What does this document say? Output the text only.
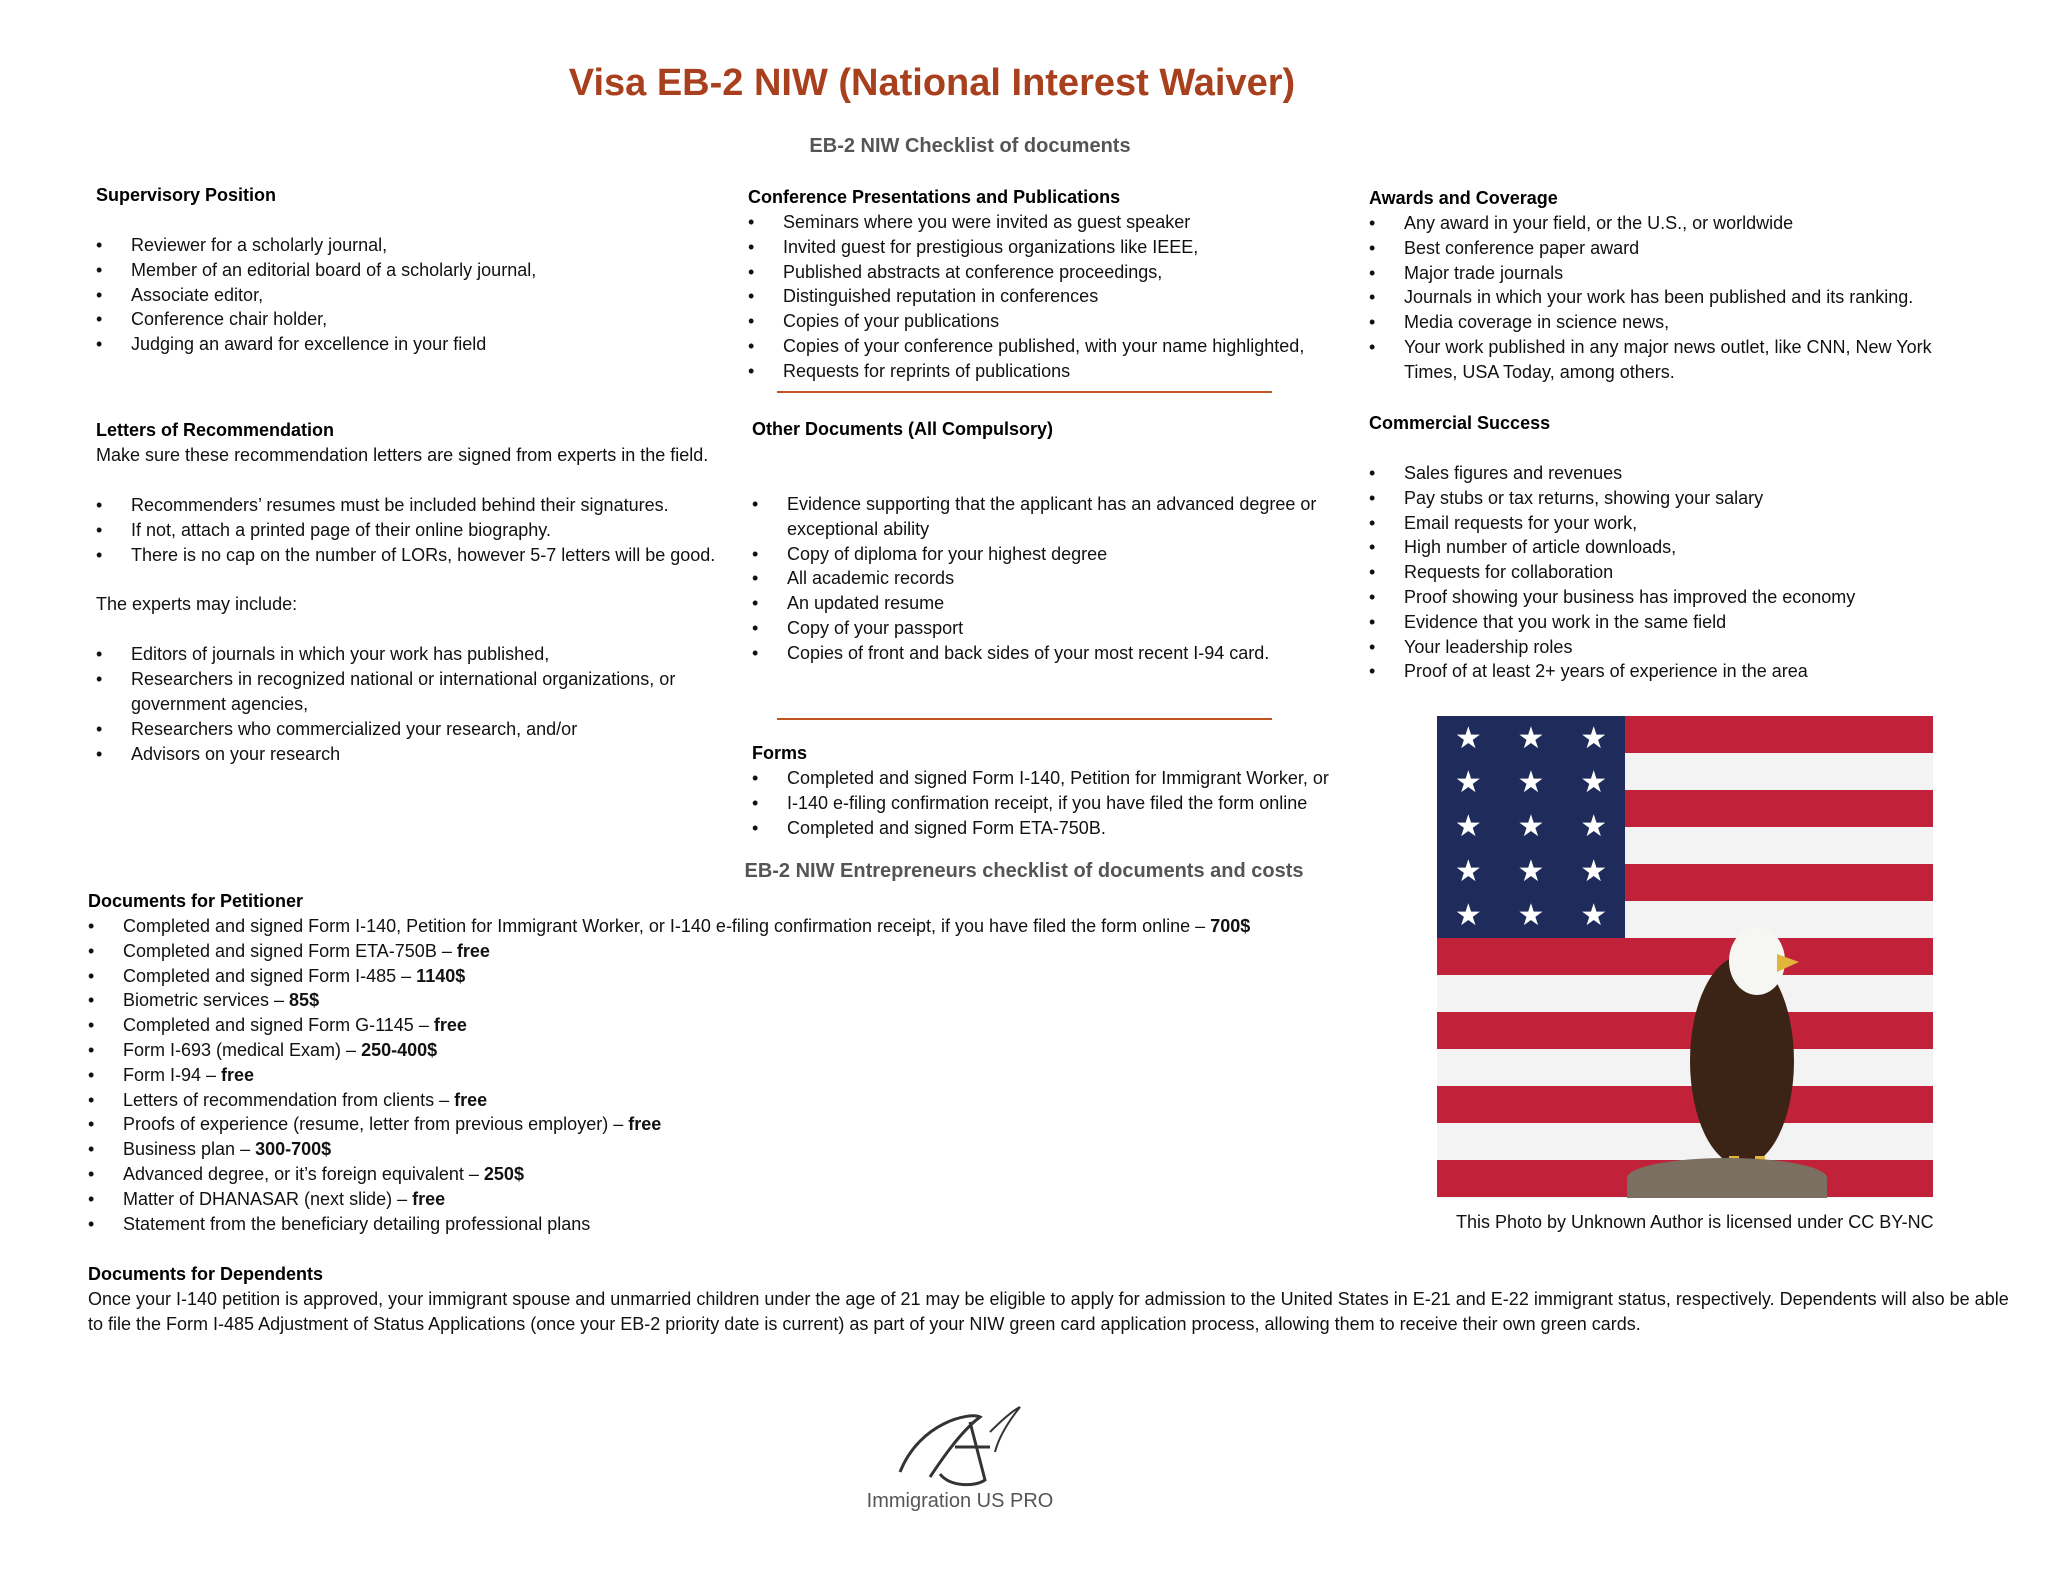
Visa EB-2 NIW (National Interest Waiver)
EB-2 NIW Checklist of documents
Supervisory Position
• Reviewer for a scholarly journal,
• Member of an editorial board of a scholarly journal,
• Associate editor,
• Conference chair holder,
• Judging an award for excellence in your field
Letters of Recommendation
Make sure these recommendation letters are signed from experts in the field.
• Recommenders’ resumes must be included behind their signatures.
• If not, attach a printed page of their online biography.
• There is no cap on the number of LORs, however 5-7 letters will be good.
The experts may include:
• Editors of journals in which your work has published,
• Researchers in recognized national or international organizations, or government agencies,
• Researchers who commercialized your research, and/or
• Advisors on your research
Conference Presentations and Publications
• Seminars where you were invited as guest speaker
• Invited guest for prestigious organizations like IEEE,
• Published abstracts at conference proceedings,
• Distinguished reputation in conferences
• Copies of your publications
• Copies of your conference published, with your name highlighted,
• Requests for reprints of publications
Other Documents (All Compulsory)
• Evidence supporting that the applicant has an advanced degree or exceptional ability
• Copy of diploma for your highest degree
• All academic records
• An updated resume
• Copy of your passport
• Copies of front and back sides of your most recent I-94 card.
Forms
• Completed and signed Form I-140, Petition for Immigrant Worker, or
• I-140 e-filing confirmation receipt, if you have filed the form online
• Completed and signed Form ETA-750B.
Awards and Coverage
• Any award in your field, or the U.S., or worldwide
• Best conference paper award
• Major trade journals
• Journals in which your work has been published and its ranking.
• Media coverage in science news,
• Your work published in any major news outlet, like CNN, New York Times, USA Today, among others.
Commercial Success
• Sales figures and revenues
• Pay stubs or tax returns, showing your salary
• Email requests for your work,
• High number of article downloads,
• Requests for collaboration
• Proof showing your business has improved the economy
• Evidence that you work in the same field
• Your leadership roles
• Proof of at least 2+ years of experience in the area
★ ★ ★
★ ★ ★
★ ★ ★
★ ★ ★
★ ★ ★
This Photo by Unknown Author is licensed under CC BY-NC
EB-2 NIW Entrepreneurs checklist of documents and costs
Documents for Petitioner
• Completed and signed Form I-140, Petition for Immigrant Worker, or I-140 e-filing confirmation receipt, if you have filed the form online – 700$
• Completed and signed Form ETA-750B – free
• Completed and signed Form I-485 – 1140$
• Biometric services – 85$
• Completed and signed Form G-1145 – free
• Form I-693 (medical Exam) – 250-400$
• Form I-94 – free
• Letters of recommendation from clients – free
• Proofs of experience (resume, letter from previous employer) – free
• Business plan – 300-700$
• Advanced degree, or it’s foreign equivalent – 250$
• Matter of DHANASAR (next slide) – free
• Statement from the beneficiary detailing professional plans
Documents for Dependents
Once your I-140 petition is approved, your immigrant spouse and unmarried children under the age of 21 may be eligible to apply for admission to the United States in E-21 and E-22 immigrant status, respectively. Dependents will also be able to file the Form I-485 Adjustment of Status Applications (once your EB-2 priority date is current) as part of your NIW green card application process, allowing them to receive their own green cards.
Immigration US PRO
